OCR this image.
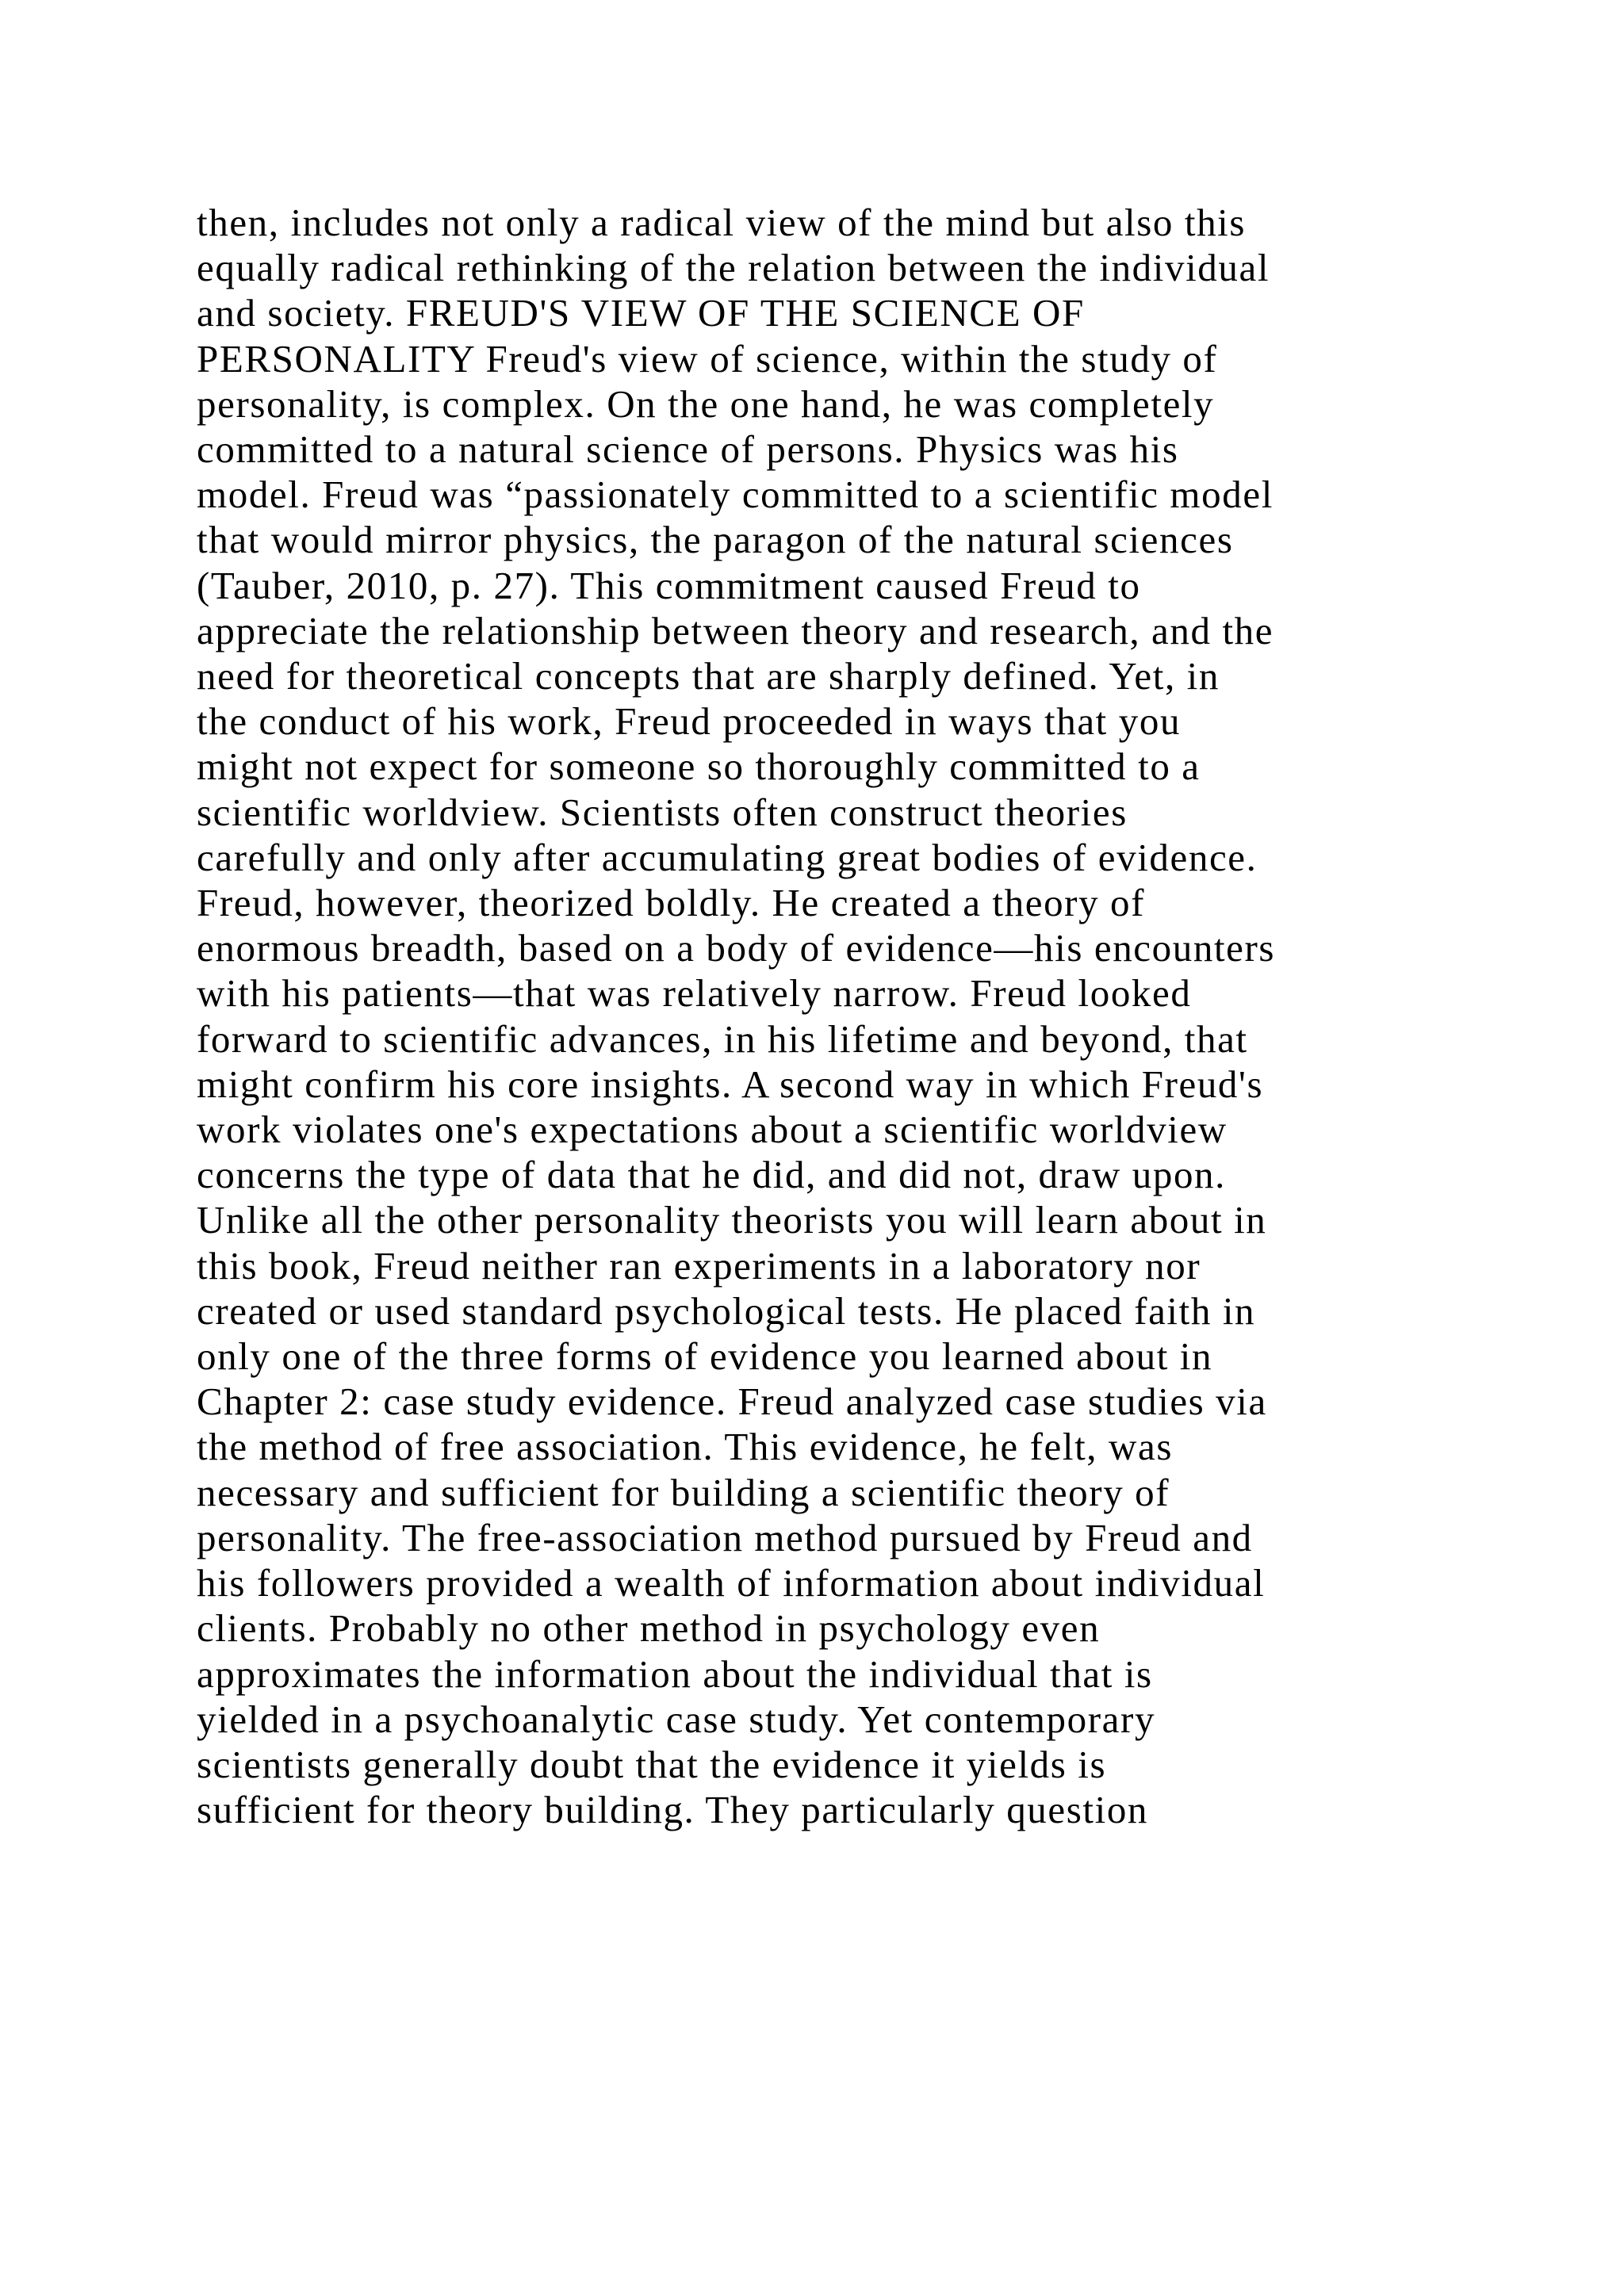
then, includes not only a radical view of the mind but also this
equally radical rethinking of the relation between the individual
and society. FREUD'S VIEW OF THE SCIENCE OF
PERSONALITY Freud's view of science, within the study of
personality, is complex. On the one hand, he was completely
committed to a natural science of persons. Physics was his
model. Freud was “passionately committed to a scientific model
that would mirror physics, the paragon of the natural sciences
(Tauber, 2010, p. 27). This commitment caused Freud to
appreciate the relationship between theory and research, and the
need for theoretical concepts that are sharply defined. Yet, in
the conduct of his work, Freud proceeded in ways that you
might not expect for someone so thoroughly committed to a
scientific worldview. Scientists often construct theories
carefully and only after accumulating great bodies of evidence.
Freud, however, theorized boldly. He created a theory of
enormous breadth, based on a body of evidence—his encounters
with his patients—that was relatively narrow. Freud looked
forward to scientific advances, in his lifetime and beyond, that
might confirm his core insights. A second way in which Freud's
work violates one's expectations about a scientific worldview
concerns the type of data that he did, and did not, draw upon.
Unlike all the other personality theorists you will learn about in
this book, Freud neither ran experiments in a laboratory nor
created or used standard psychological tests. He placed faith in
only one of the three forms of evidence you learned about in
Chapter 2: case study evidence. Freud analyzed case studies via
the method of free association. This evidence, he felt, was
necessary and sufficient for building a scientific theory of
personality. The free-association method pursued by Freud and
his followers provided a wealth of information about individual
clients. Probably no other method in psychology even
approximates the information about the individual that is
yielded in a psychoanalytic case study. Yet contemporary
scientists generally doubt that the evidence it yields is
sufficient for theory building. They particularly question
